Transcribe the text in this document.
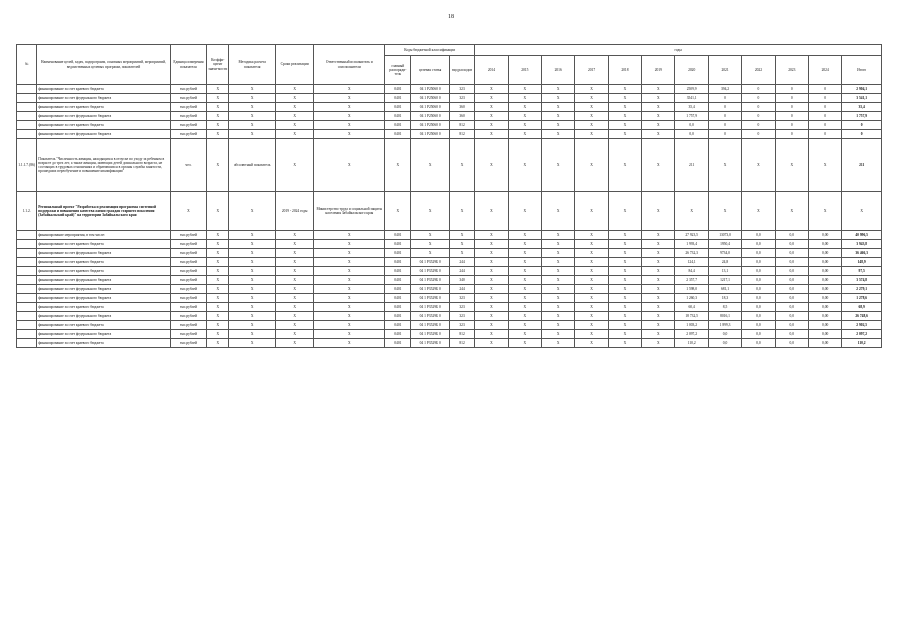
18
№	Наименование целей, задач, подпрограмм, основных мероприятий, мероприятий, ведомственных целевых программ, показателей	Единица измерения показателя	Коэффи-циент значи-мости	Методика расчета показателя	Сроки реализации	Ответственный исполнитель и соисполнители	Коды бюджетной классификации			годы											
							главный распоряди-тель	целевая статья	вид расходов	2014	2015	2016	2017	2018	2019	2020	2021	2022	2023	2024	Итого
	финансирование за счет краевого бюджета	тыс.рублей	X	X	X	X	0401	04 1 P25060 0	323	X	X	X	X	X	X	2509,9	394,2	0	0	0	2 904,1
	финансирование за счет федерального бюджета	тыс.рублей	X	X	X	X	0401	04 1 P25060 0	323	X	X	X	X	X	X	3541,1	0	0	0	0	3 541,1
	финансирование за счет краевого бюджета	тыс.рублей	X	X	X	X	0401	04 1 P25060 0	360	X	X	X	X	X	X	35,4	0	0	0	0	35,4
	финансирование за счет федерального бюджета	тыс.рублей	X	X	X	X	0401	04 1 P25060 0	360	X	X	X	X	X	X	1 757,9	0	0	0	0	1 757,9
	финансирование за счет краевого бюджета	тыс.рублей	X	X	X	X	0401	04 1 P25060 0	812	X	X	X	X	X	X	0,0	0	0	0	0	0
	финансирование за счет федерального бюджета	тыс.рублей	X	X	X	X	0401	04 1 P25060 0	812	X	X	X	X	X	X	0,0	0	0	0	0	0
1.1.1.7.(86)	Показатель "Численность женщин, находящихся в отпуске по уходу за ребенком в возрасте до трех лет, а также женщин, имеющих детей дошкольного возраста, не состоящих в трудовых отношениях и обратившихся в органы службы занятости, прошедших переобучение и повышение квалификации"	чел.	X	абсолютный показатель	X	X	X	X	X	X	X	X	X	X	X	211	X	X	X	X	211
1.1.2.	Региональный проект "Разработка и реализация программы системной поддержки и повышения качества жизни граждан старшего поколения (Забайкальский край)" на территории Забайкальского края	X	X	X	2019 - 2024 годы	Министерство труда и социальной защиты населения Забайкальского края	X	X	X	X	X	X	X	X	X	X	X	X	X	X	X
	финансирование мероприятия, в том числе:	тыс.рублей	X	X	X	X	0401	X	X	X	X	X	X	X	X	27 923,5	13073,0	0,0	0,0	0,00	40 996,5
	финансирование за счет краевого бюджета	тыс.рублей	X	X	X	X	0401	X	X	X	X	X	X	X	X	1 993,4	1950,4	0,0	0,0	0,00	3 943,8
	финансирование за счет федерального бюджета	тыс.рублей	X	X	X	X	0401	X	X	X	X	X	X	X	X	26 732,3	9734,0	0,0	0,0	0,00	36 466,3
	финансирование за счет краевого бюджета	тыс.рублей	X	X	X	X	0401	04 1 P3529Б 0	244	X	X	X	X	X	X	124,1	24,8	0,0	0,0	0,00	148,9
	финансирование за счет краевого бюджета	тыс.рублей	X	X	X	X	0401	04 1 P3529Б 0	244	X	X	X	X	X	X	84,4	13,1	0,0	0,0	0,00	97,5
	финансирование за счет федерального бюджета	тыс.рублей	X	X	X	X	0401	04 1 P3529Б 0	340	X	X	X	X	X	X	2 357,7	1217,1	0,0	0,0	0,00	3 574,8
	финансирование за счет федерального бюджета	тыс.рублей	X	X	X	X	0401	04 1 P3529Б 0	244	X	X	X	X	X	X	1 598,0	681,1	0,0	0,0	0,00	2 279,1
	финансирование за счет федерального бюджета	тыс.рублей	X	X	X	X	0401	04 1 P3529Б 0	323	X	X	X	X	X	X	1 260,3	18,3	0,0	0,0	0,00	1 278,6
	финансирование за счет краевого бюджета	тыс.рублей	X	X	X	X	0401	04 1 P3529Б 0	323	X	X	X	X	X	X	60,4	8,5	0,0	0,0	0,00	68,9
	финансирование за счет федерального бюджета	тыс.рублей	X	X	X	X	0401	04 1 P3529Б 0	323	X	X	X	X	X	X	18 732,5	8016,1	0,0	0,0	0,00	26 748,6
	финансирование за счет краевого бюджета	тыс.рублей	X	X	X	X	0401	04 1 P3529Б 0	323	X	X	X	X	X	X	1 003,2	1 899,3	0,0	0,0	0,00	2 902,5
	финансирование за счет федерального бюджета	тыс.рублей	X	X	X	X	0401	04 1 P3529Б 0	812	X	X	X	X	X	X	2 097,2	0,0	0,0	0,0	0,00	2 097,2
	финансирование за счет краевого бюджета	тыс.рублей	X	X	X	X	0401	04 1 P3529Б 0	812	X	X	X	X	X	X	110,2	0,0	0,0	0,0	0,00	110,2
